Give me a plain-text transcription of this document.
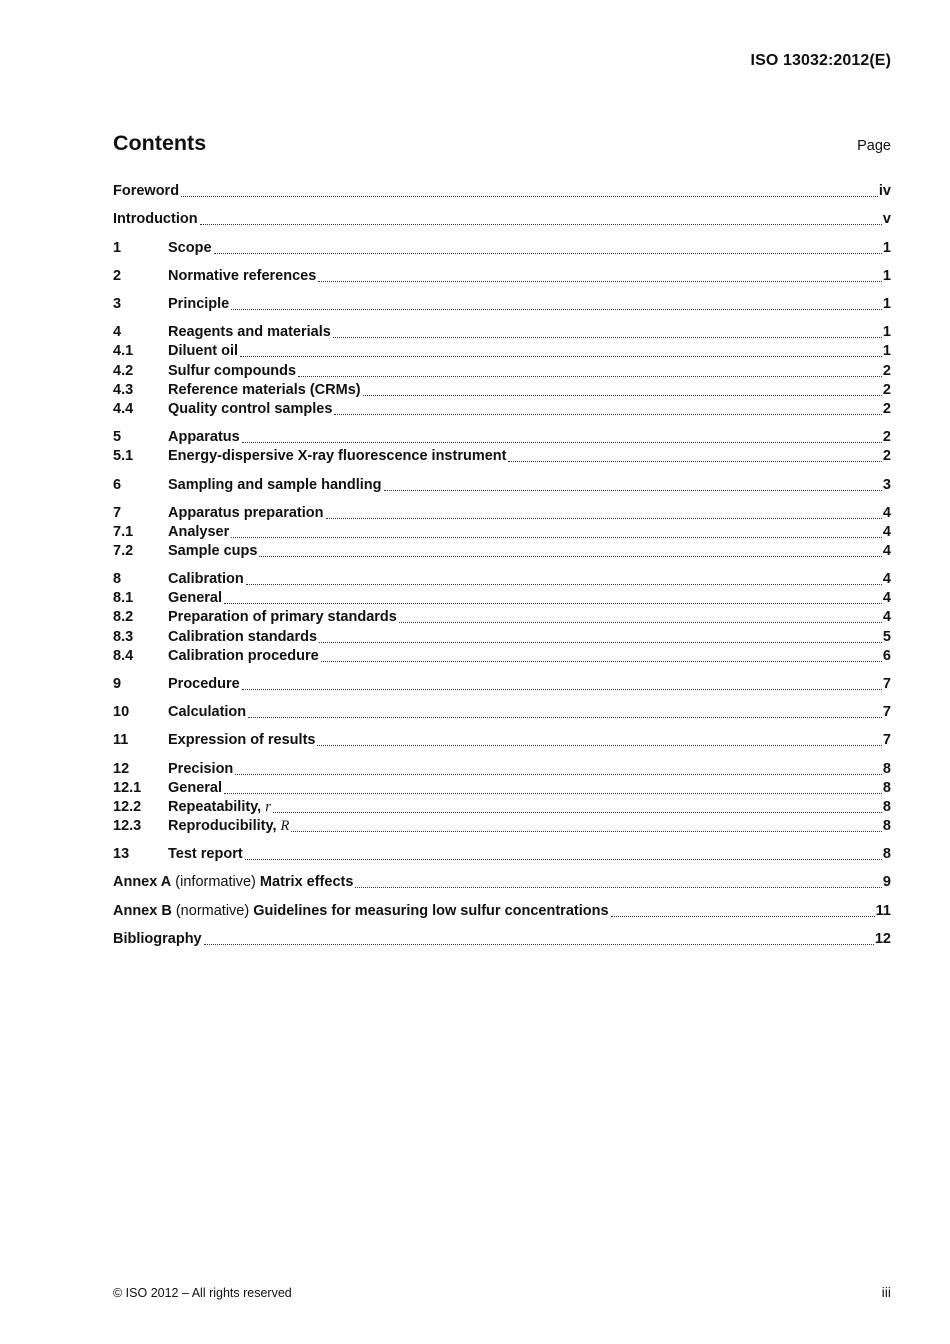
ISO 13032:2012(E)
Contents	Page
Foreword	iv
Introduction	v
1	Scope	1
2	Normative references	1
3	Principle	1
4	Reagents and materials	1
4.1	Diluent oil	1
4.2	Sulfur compounds	2
4.3	Reference materials (CRMs)	2
4.4	Quality control samples	2
5	Apparatus	2
5.1	Energy-dispersive X-ray fluorescence instrument	2
6	Sampling and sample handling	3
7	Apparatus preparation	4
7.1	Analyser	4
7.2	Sample cups	4
8	Calibration	4
8.1	General	4
8.2	Preparation of primary standards	4
8.3	Calibration standards	5
8.4	Calibration procedure	6
9	Procedure	7
10	Calculation	7
11	Expression of results	7
12	Precision	8
12.1	General	8
12.2	Repeatability, r	8
12.3	Reproducibility, R	8
13	Test report	8
Annex A (informative) Matrix effects	9
Annex B (normative) Guidelines for measuring low sulfur concentrations	11
Bibliography	12
© ISO 2012 – All rights reserved	iii
